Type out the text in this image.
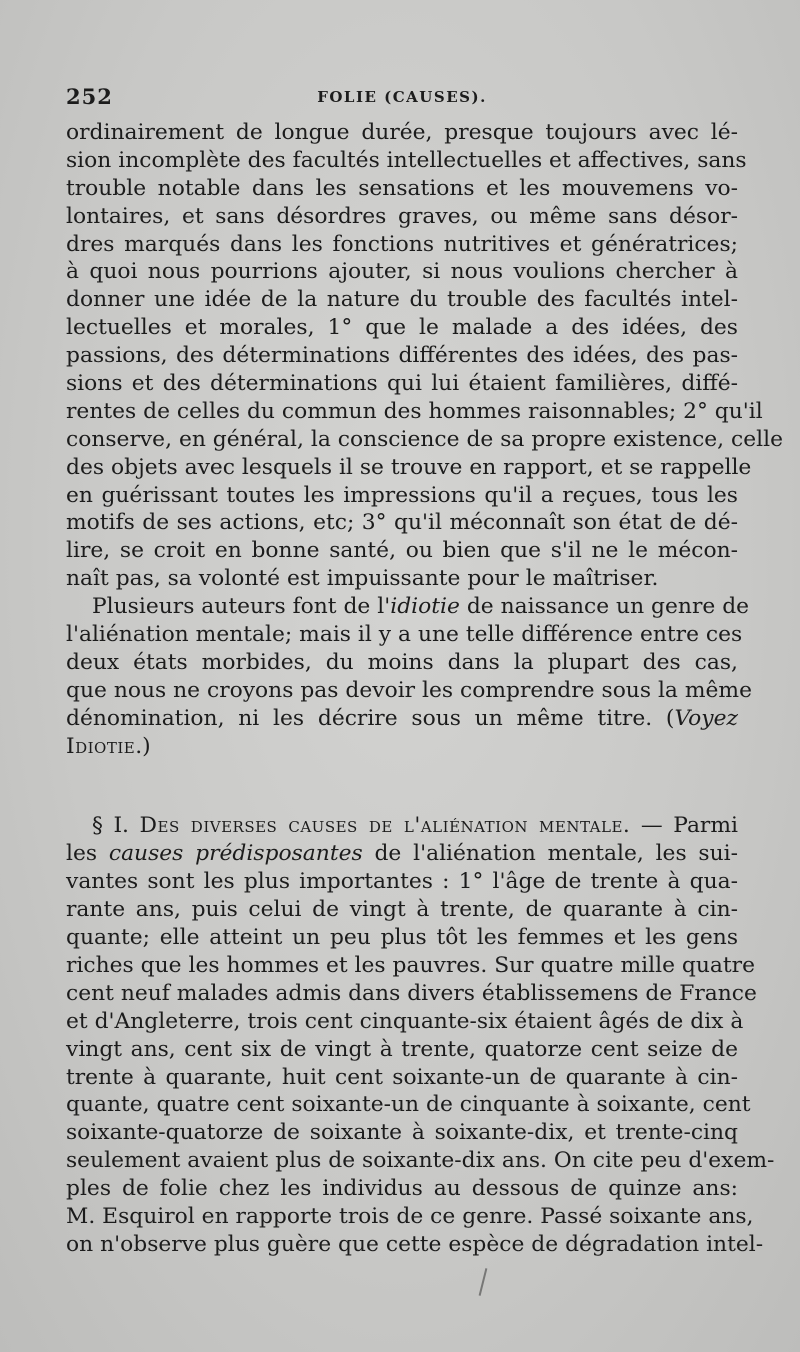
252	FOLIE (CAUSES).
ordinairement de longue durée, presque toujours avec lé-
sion incomplète des facultés intellectuelles et affectives, sans
trouble notable dans les sensations et les mouvemens vo-
lontaires, et sans désordres graves, ou même sans désor-
dres marqués dans les fonctions nutritives et génératrices;
à quoi nous pourrions ajouter, si nous voulions chercher à
donner une idée de la nature du trouble des facultés intel-
lectuelles et morales, 1° que le malade a des idées, des
passions, des déterminations différentes des idées, des pas-
sions et des déterminations qui lui étaient familières, diffé-
rentes de celles du commun des hommes raisonnables; 2° qu'il
conserve, en général, la conscience de sa propre existence, celle
des objets avec lesquels il se trouve en rapport, et se rappelle
en guérissant toutes les impressions qu'il a reçues, tous les
motifs de ses actions, etc; 3° qu'il méconnaît son état de dé-
lire, se croit en bonne santé, ou bien que s'il ne le mécon-
naît pas, sa volonté est impuissante pour le maîtriser.
Plusieurs auteurs font de l'idiotie de naissance un genre de
l'aliénation mentale; mais il y a une telle différence entre ces
deux états morbides, du moins dans la plupart des cas,
que nous ne croyons pas devoir les comprendre sous la même
dénomination, ni les décrire sous un même titre. (Voyez
Idiotie.)
§ I. Des diverses causes de l'aliénation mentale. — Parmi
les causes prédisposantes de l'aliénation mentale, les sui-
vantes sont les plus importantes : 1° l'âge de trente à qua-
rante ans, puis celui de vingt à trente, de quarante à cin-
quante; elle atteint un peu plus tôt les femmes et les gens
riches que les hommes et les pauvres. Sur quatre mille quatre
cent neuf malades admis dans divers établissemens de France
et d'Angleterre, trois cent cinquante-six étaient âgés de dix à
vingt ans, cent six de vingt à trente, quatorze cent seize de
trente à quarante, huit cent soixante-un de quarante à cin-
quante, quatre cent soixante-un de cinquante à soixante, cent
soixante-quatorze de soixante à soixante-dix, et trente-cinq
seulement avaient plus de soixante-dix ans. On cite peu d'exem-
ples de folie chez les individus au dessous de quinze ans:
M. Esquirol en rapporte trois de ce genre. Passé soixante ans,
on n'observe plus guère que cette espèce de dégradation intel-
